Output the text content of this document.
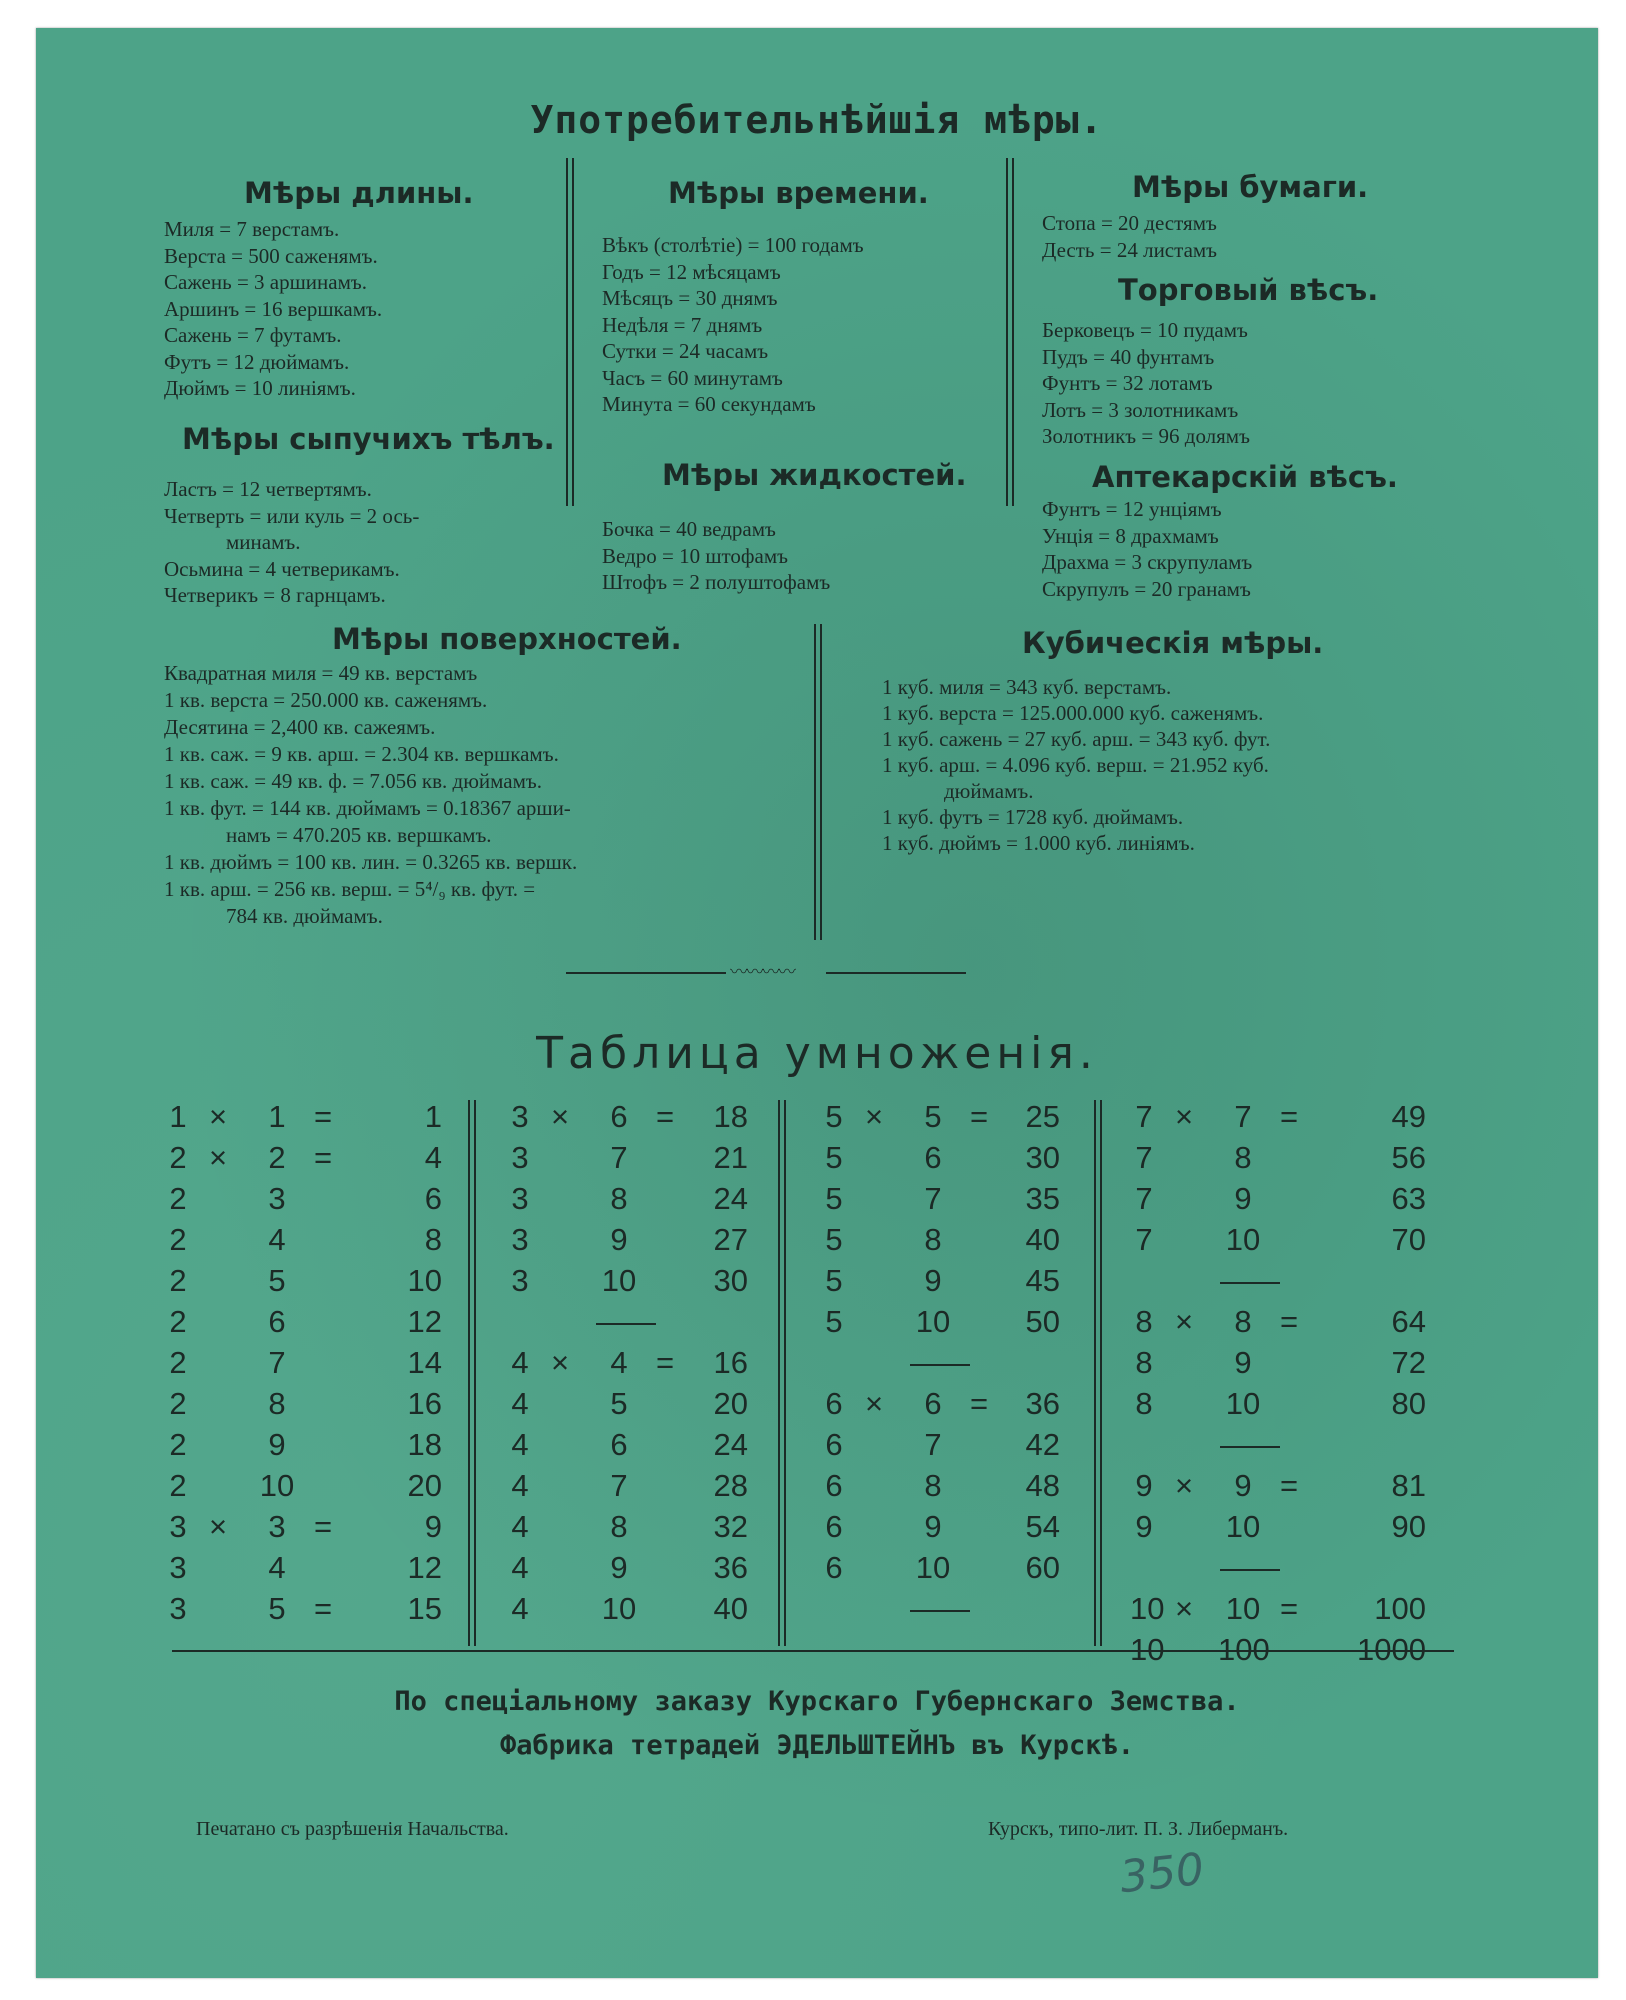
Употребительнѣйшія мѣры.
Мѣры длины.
Миля = 7 верстамъ.
Верста = 500 саженямъ.
Сажень = 3 аршинамъ.
Аршинъ = 16 вершкамъ.
Сажень = 7 футамъ.
Футъ = 12 дюймамъ.
Дюймъ = 10 линіямъ.
Мѣры сыпучихъ тѣлъ.
Ластъ = 12 четвертямъ.
Четверть = или куль = 2 ось-
минамъ.
Осьмина = 4 четверикамъ.
Четверикъ = 8 гарнцамъ.
Мѣры времени.
Вѣкъ (столѣтіе) = 100 годамъ
Годъ = 12 мѣсяцамъ
Мѣсяцъ = 30 днямъ
Недѣля = 7 днямъ
Сутки = 24 часамъ
Часъ = 60 минутамъ
Минута = 60 секундамъ
Мѣры жидкостей.
Бочка = 40 ведрамъ
Ведро = 10 штофамъ
Штофъ = 2 полуштофамъ
Мѣры бумаги.
Стопа = 20 дестямъ
Десть = 24 листамъ
Торговый вѣсъ.
Берковецъ = 10 пудамъ
Пудъ = 40 фунтамъ
Фунтъ = 32 лотамъ
Лотъ = 3 золотникамъ
Золотникъ = 96 долямъ
Аптекарскій вѣсъ.
Фунтъ = 12 унціямъ
Унція = 8 драхмамъ
Драхма = 3 скрупуламъ
Скрупулъ = 20 гранамъ
Мѣры поверхностей.
Квадратная миля = 49 кв. верстамъ
1 кв. верста = 250.000 кв. саженямъ.
Десятина = 2,400 кв. сажеямъ.
1 кв. саж. = 9 кв. арш. = 2.304 кв. вершкамъ.
1 кв. саж. = 49 кв. ф. = 7.056 кв. дюймамъ.
1 кв. фут. = 144 кв. дюймамъ = 0.18367 арши-
намъ = 470.205 кв. вершкамъ.
1 кв. дюймъ = 100 кв. лин. = 0.3265 кв. вершк.
1 кв. арш. = 256 кв. верш. = 5⁴/₉ кв. фут. =
784 кв. дюймамъ.
Кубическія мѣры.
1 куб. миля = 343 куб. верстамъ.
1 куб. верста = 125.000.000 куб. саженямъ.
1 куб. сажень = 27 куб. арш. = 343 куб. фут.
1 куб. арш. = 4.096 куб. верш. = 21.952 куб.
дюймамъ.
1 куб. футъ = 1728 куб. дюймамъ.
1 куб. дюймъ = 1.000 куб. линіямъ.
〰〰〰〰
Таблица умноженія.
1 ×	1 =	1
2 ×	2 =	4
2	3	6
2	4	8
2	5	10
2	6	12
2	7	14
2	8	16
2	9	18
2 10	20
3 ×	3 =	9
3	4	12
3	5 = 15
3 ×	6 = 18
3	7	21
3	8	24
3	9	27
3 10 30
4 ×	4 = 16
4	5	20
4	6	24
4	7	28
4	8	32
4	9	36
4 10 40
5 ×	5 = 25
5	6	30
5	7	35
5	8	40
5	9	45
5 10 50
6 ×	6 = 36
6	7	42
6	8	48
6	9	54
6 10 60
7 ×	7 =	49
7	8	56
7	9	63
7 10	70
8 ×	8 =	64
8	9	72
8 10	80
9 ×	9 =	81
9 10	90
10 × 10 = 100
10 100	1000
По спеціальному заказу Курскаго Губернскаго Земства.
Фабрика тетрадей ЭДЕЛЬШТЕЙНЪ въ Курскѣ.
Печатано съ разрѣшенія Начальства.	Курскъ, типо-лит. П. З. Либерманъ.
350
